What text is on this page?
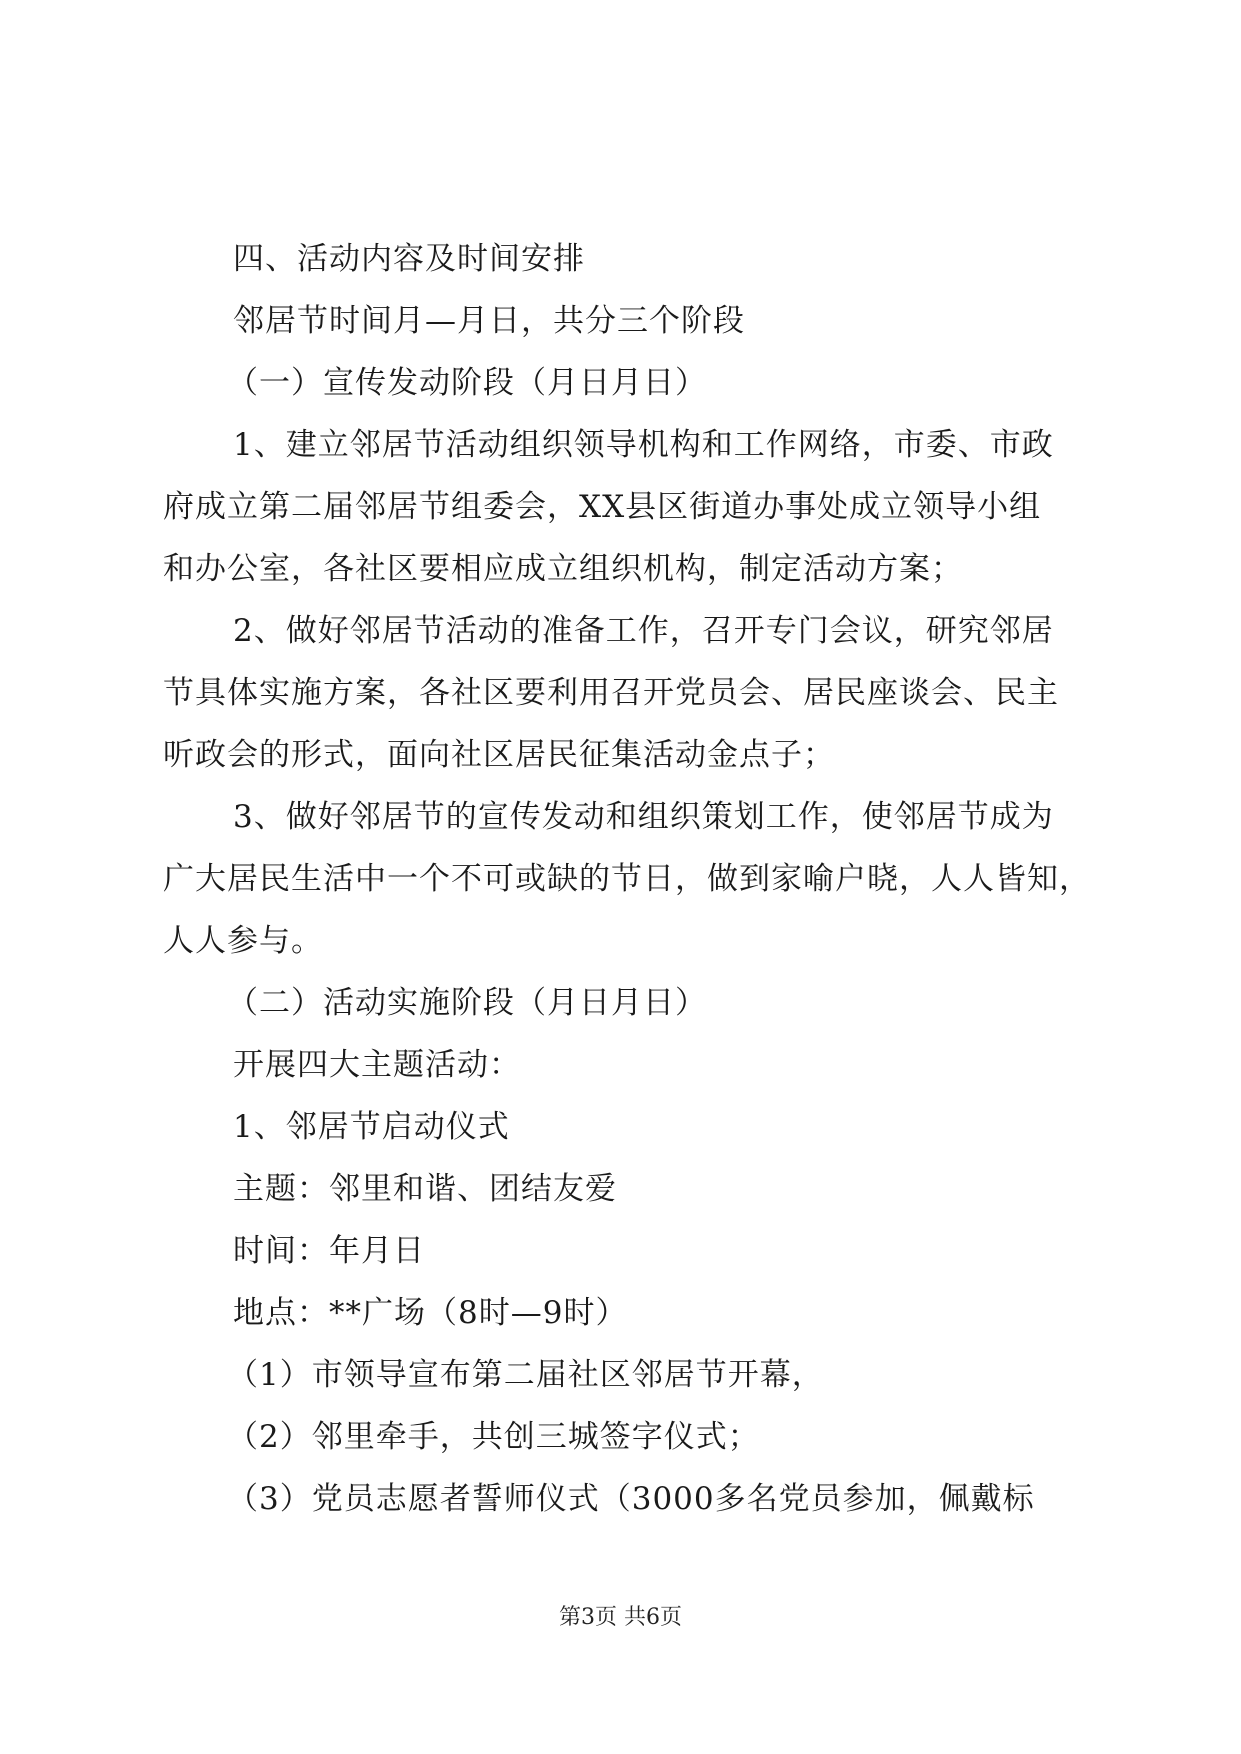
四、活动内容及时间安排
邻居节时间月—月日，共分三个阶段
（一）宣传发动阶段（月日月日）
1、建立邻居节活动组织领导机构和工作网络，市委、市政
府成立第二届邻居节组委会，XX县区街道办事处成立领导小组
和办公室，各社区要相应成立组织机构，制定活动方案；
2、做好邻居节活动的准备工作，召开专门会议，研究邻居
节具体实施方案，各社区要利用召开党员会、居民座谈会、民主
听政会的形式，面向社区居民征集活动金点子；
3、做好邻居节的宣传发动和组织策划工作，使邻居节成为
广大居民生活中一个不可或缺的节日，做到家喻户晓，人人皆知，
人人参与。
（二）活动实施阶段（月日月日）
开展四大主题活动：
1、邻居节启动仪式
主题：邻里和谐、团结友爱
时间：年月日
地点：**广场（8时—9时）
（1）市领导宣布第二届社区邻居节开幕，
（2）邻里牵手，共创三城签字仪式；
（3）党员志愿者誓师仪式（3000多名党员参加，佩戴标
第3页 共6页
